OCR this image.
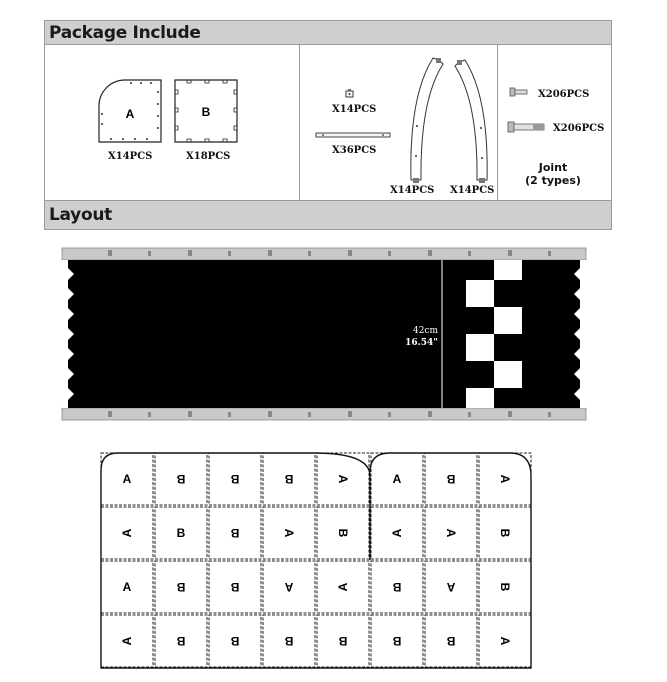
Package Include
A
X14PCS
B
X18PCS
X14PCS
X36PCS
X14PCS X14PCS
X206PCS
X206PCS
Joint
(2 types)
Layout
42cm
16.54"
A	B	B	B	A	A	B	A
A	B	B	A	B	A	A	B
A	B	B	A	A	B	A	B
A	B	B	B	B	B	B	A
